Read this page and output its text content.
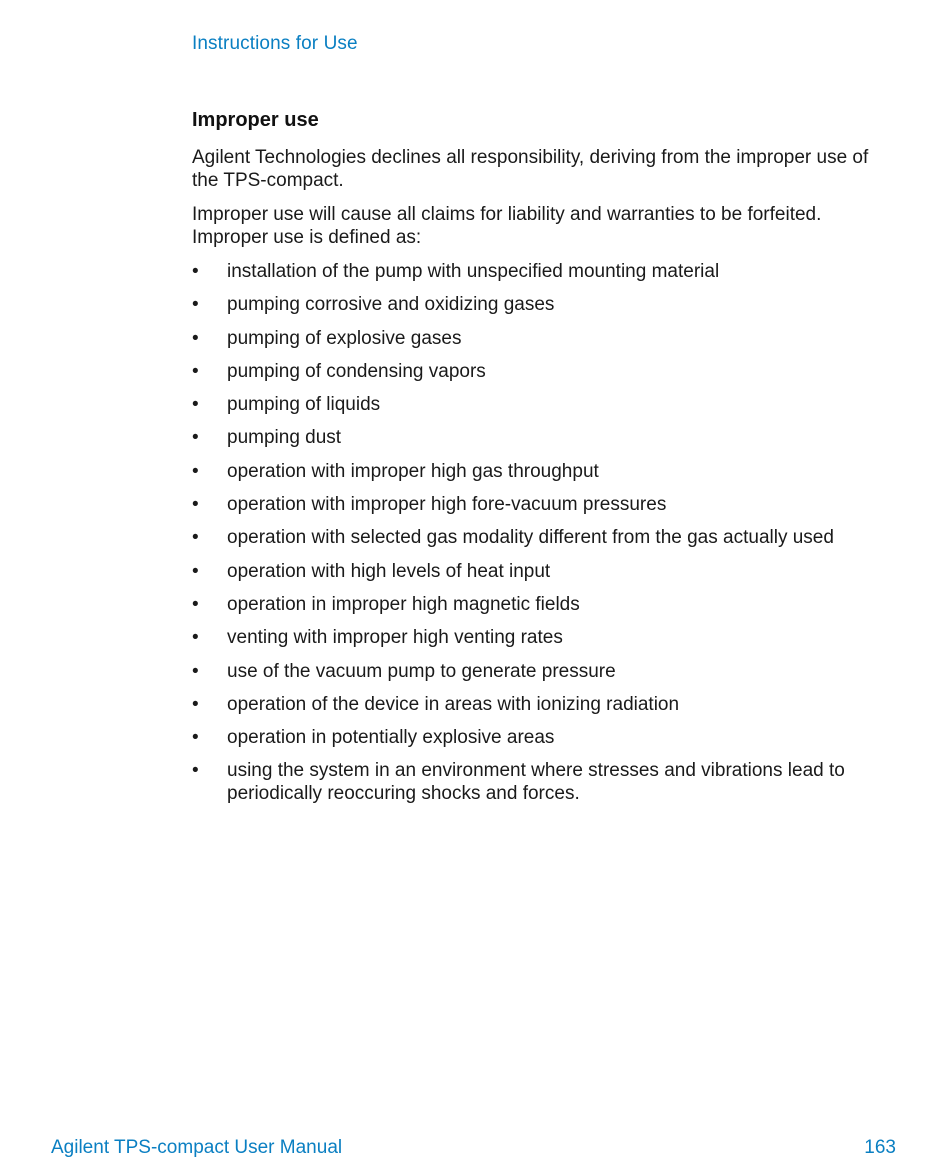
Instructions for Use
Improper use

Agilent Technologies declines all responsibility, deriving from the improper use of the TPS-compact.

Improper use will cause all claims for liability and warranties to be forfeited. Improper use is defined as:

• installation of the pump with unspecified mounting material
• pumping corrosive and oxidizing gases
• pumping of explosive gases
• pumping of condensing vapors
• pumping of liquids
• pumping dust
• operation with improper high gas throughput
• operation with improper high fore-vacuum pressures
• operation with selected gas modality different from the gas actually used
• operation with high levels of heat input
• operation in improper high magnetic fields
• venting with improper high venting rates
• use of the vacuum pump to generate pressure
• operation of the device in areas with ionizing radiation
• operation in potentially explosive areas
• using the system in an environment where stresses and vibrations lead to periodically reoccuring shocks and forces.
Agilent TPS-compact User Manual	163
